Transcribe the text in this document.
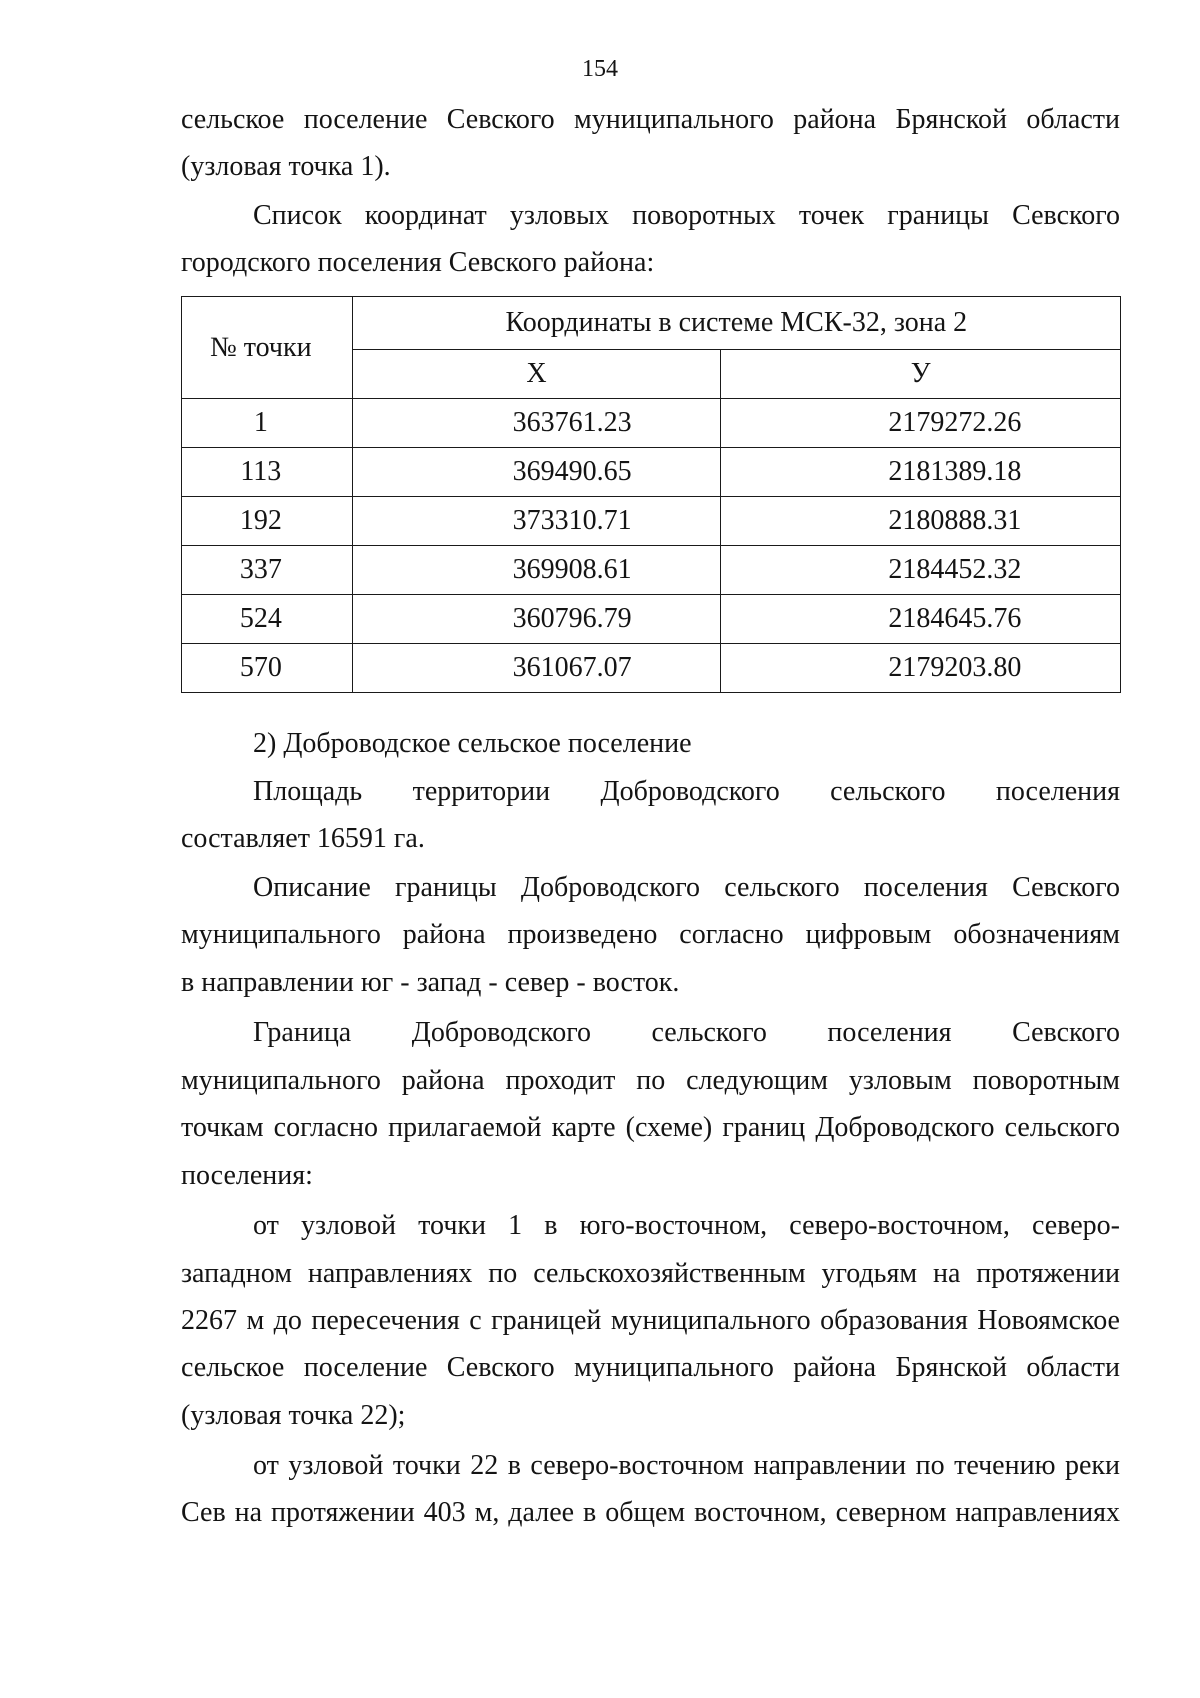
154
сельское поселение Севского муниципального района Брянской области
(узловая точка 1).
Список координат узловых поворотных точек границы Севского
городского поселения Севского района:
№ точки	Координаты в системе МСК-32, зона 2	
	Х	У
1	363761.23	2179272.26
113	369490.65	2181389.18
192	373310.71	2180888.31
337	369908.61	2184452.32
524	360796.79	2184645.76
570	361067.07	2179203.80
2) Доброводское сельское поселение
Площадь территории Доброводского сельского поселения
составляет 16591 га.
Описание границы Доброводского сельского поселения Севского
муниципального района произведено согласно цифровым обозначениям
в направлении юг - запад - север - восток.
Граница Доброводского сельского поселения Севского
муниципального района проходит по следующим узловым поворотным
точкам согласно прилагаемой карте (схеме) границ Доброводского сельского
поселения:
от узловой точки 1 в юго-восточном, северо-восточном, северо-
западном направлениях по сельскохозяйственным угодьям на протяжении
2267 м до пересечения с границей муниципального образования Новоямское
сельское поселение Севского муниципального района Брянской области
(узловая точка 22);
от узловой точки 22 в северо-восточном направлении по течению реки
Сев на протяжении 403 м, далее в общем восточном, северном направлениях
